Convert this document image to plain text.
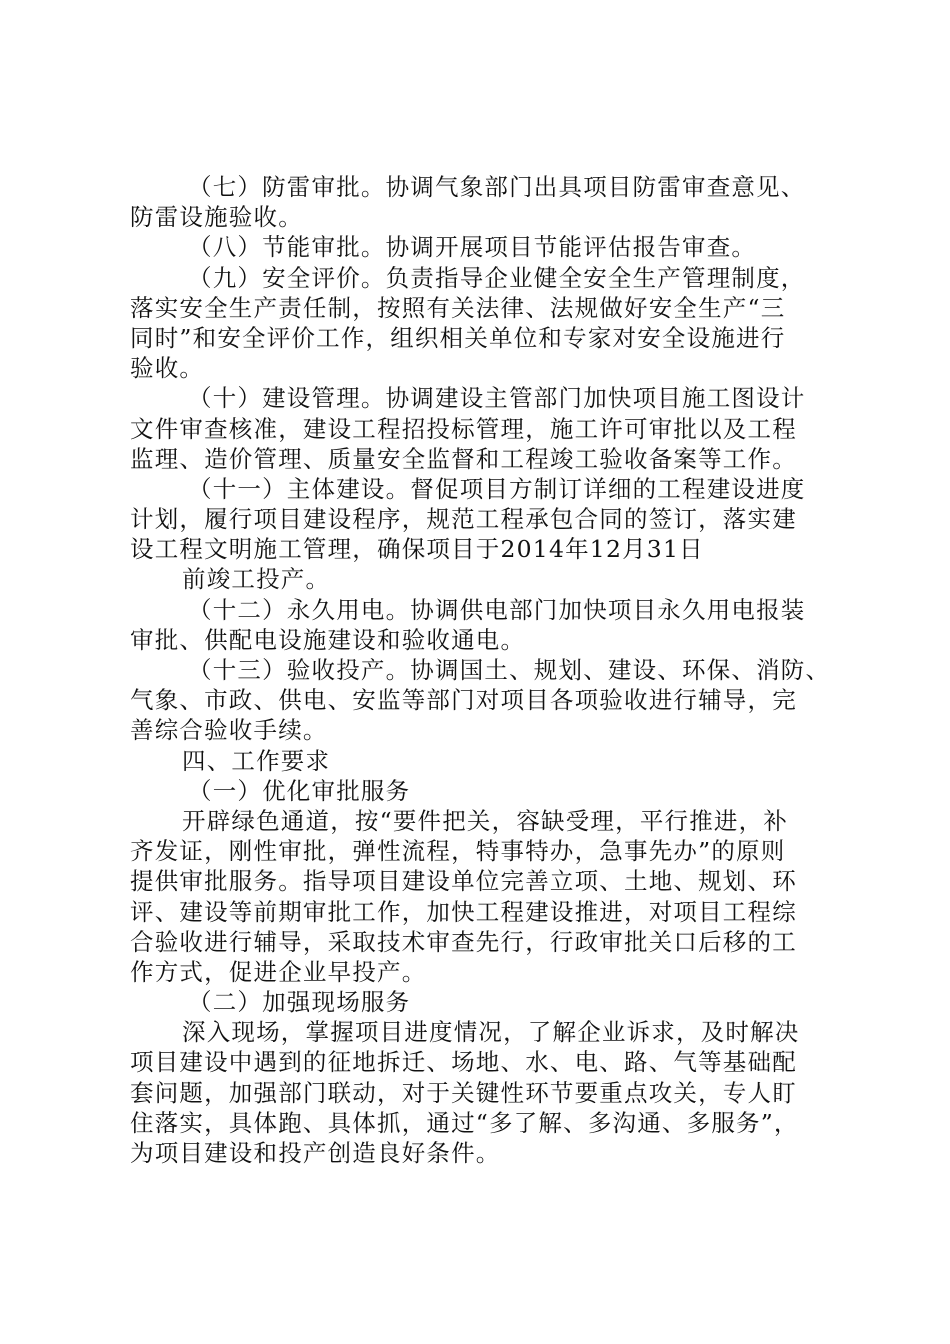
（七）防雷审批。协调气象部门出具项目防雷审查意见、
防雷设施验收。
（八）节能审批。协调开展项目节能评估报告审查。
（九）安全评价。负责指导企业健全安全生产管理制度，
落实安全生产责任制，按照有关法律、法规做好安全生产“三
同时”和安全评价工作，组织相关单位和专家对安全设施进行
验收。
（十）建设管理。协调建设主管部门加快项目施工图设计
文件审查核准，建设工程招投标管理，施工许可审批以及工程
监理、造价管理、质量安全监督和工程竣工验收备案等工作。
（十一）主体建设。督促项目方制订详细的工程建设进度
计划，履行项目建设程序，规范工程承包合同的签订，落实建
设工程文明施工管理，确保项目于2014年12月31日
前竣工投产。
（十二）永久用电。协调供电部门加快项目永久用电报装
审批、供配电设施建设和验收通电。
（十三）验收投产。协调国土、规划、建设、环保、消防、
气象、市政、供电、安监等部门对项目各项验收进行辅导，完
善综合验收手续。
四、工作要求
（一）优化审批服务
开辟绿色通道，按“要件把关，容缺受理，平行推进，补
齐发证，刚性审批，弹性流程，特事特办，急事先办”的原则
提供审批服务。指导项目建设单位完善立项、土地、规划、环
评、建设等前期审批工作，加快工程建设推进，对项目工程综
合验收进行辅导，采取技术审查先行，行政审批关口后移的工
作方式，促进企业早投产。
（二）加强现场服务
深入现场，掌握项目进度情况，了解企业诉求，及时解决
项目建设中遇到的征地拆迁、场地、水、电、路、气等基础配
套问题，加强部门联动，对于关键性环节要重点攻关，专人盯
住落实，具体跑、具体抓，通过“多了解、多沟通、多服务”，
为项目建设和投产创造良好条件。
